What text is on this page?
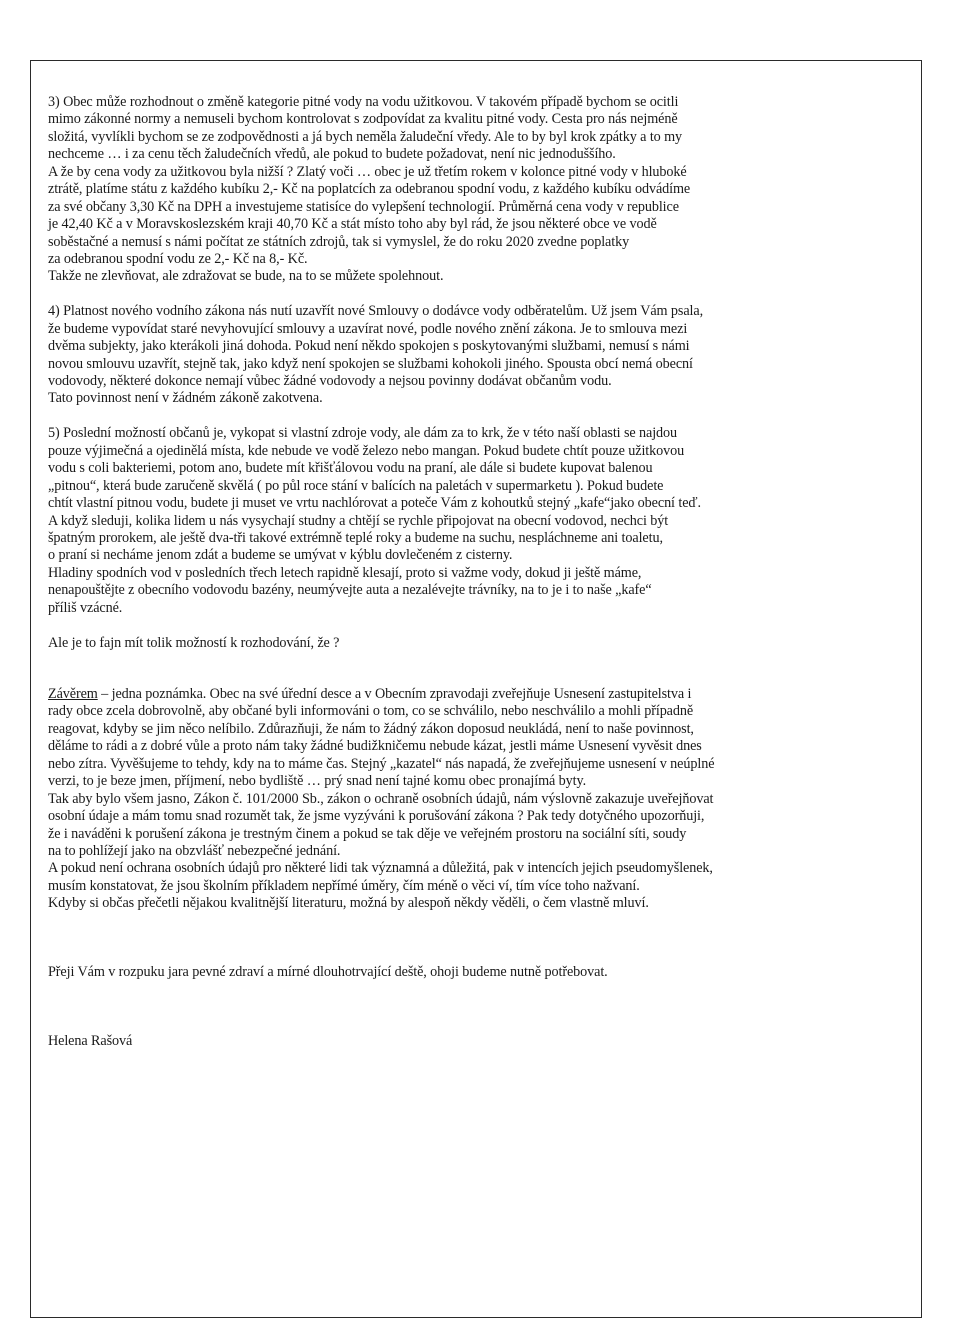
3) Obec může rozhodnout o změně kategorie pitné vody na vodu užitkovou. V takovém případě bychom se ocitli
mimo zákonné normy a nemuseli bychom kontrolovat s zodpovídat za kvalitu pitné vody. Cesta pro nás nejméně
složitá, vyvlíkli bychom se ze zodpovědnosti a já bych neměla žaludeční vředy. Ale to by byl krok zpátky a to my
nechceme … i za cenu těch žaludečních vředů, ale pokud to budete požadovat, není nic jednoduššího.
A že by cena vody za užitkovou byla nižší ? Zlatý voči … obec je už třetím rokem v kolonce pitné vody v hluboké
ztrátě, platíme státu z každého kubíku 2,- Kč na poplatcích za odebranou spodní vodu, z každého kubíku odvádíme
za své občany 3,30 Kč na DPH a investujeme statisíce do vylepšení technologií. Průměrná cena vody v republice
je 42,40 Kč a v Moravskoslezském kraji 40,70 Kč a stát místo toho aby byl rád, že jsou některé obce ve vodě
soběstačné a nemusí s námi počítat ze státních zdrojů, tak si vymyslel, že do roku 2020 zvedne poplatky
za odebranou spodní vodu ze 2,- Kč na 8,- Kč.
Takže ne zlevňovat, ale zdražovat se bude, na to se můžete spolehnout.
4) Platnost nového vodního zákona nás nutí uzavřít nové Smlouvy o dodávce vody odběratelům. Už jsem Vám psala,
že budeme vypovídat staré nevyhovující smlouvy a uzavírat nové, podle nového znění zákona. Je to smlouva mezi
dvěma subjekty, jako kterákoli jiná dohoda. Pokud není někdo spokojen s poskytovanými službami, nemusí s námi
novou smlouvu uzavřít, stejně tak, jako když není spokojen se službami kohokoli jiného. Spousta obcí nemá obecní
vodovody, některé dokonce nemají vůbec žádné vodovody a nejsou povinny dodávat občanům vodu.
Tato povinnost není v žádném zákoně zakotvena.
5) Poslední možností občanů je, vykopat si vlastní zdroje vody, ale dám za to krk, že v této naší oblasti se najdou
pouze výjimečná a ojedinělá místa, kde nebude ve vodě železo nebo mangan. Pokud budete chtít pouze užitkovou
vodu s coli bakteriemi, potom ano, budete mít křišťálovou vodu na praní, ale dále si budete kupovat balenou
„pitnou“, která bude zaručeně skvělá ( po půl roce stání v balících na paletách v supermarketu ). Pokud budete
chtít vlastní pitnou vodu, budete ji muset ve vrtu nachlórovat a poteče Vám z kohoutků stejný „kafe“jako obecní teď.
A když sleduji, kolika lidem u nás vysychají studny a chtějí se rychle připojovat na obecní vodovod, nechci být
špatným prorokem, ale ještě dva-tři takové extrémně teplé roky a budeme na suchu, nespláchneme ani toaletu,
o praní si necháme jenom zdát a budeme se umývat v kýblu dovlečeném z cisterny.
Hladiny spodních vod v posledních třech letech rapidně klesají, proto si važme vody, dokud ji ještě máme,
nenapouštějte z obecního vodovodu bazény, neumývejte auta a nezalévejte trávníky, na to je i to naše „kafe“
příliš vzácné.
Ale je to fajn mít tolik možností k rozhodování, že ?
Závěrem – jedna poznámka. Obec na své úřední desce a v Obecním zpravodaji zveřejňuje Usnesení zastupitelstva i
rady obce zcela dobrovolně, aby občané byli informováni o tom, co se schválilo, nebo neschválilo a mohli případně
reagovat, kdyby se jim něco nelíbilo. Zdůrazňuji, že nám to žádný zákon doposud neukládá, není to naše povinnost,
děláme to rádi a z dobré vůle a proto nám taky žádné budižkničemu nebude kázat, jestli máme Usnesení vyvěsit dnes
nebo zítra. Vyvěšujeme to tehdy, kdy na to máme čas. Stejný „kazatel“ nás napadá, že zveřejňujeme usnesení v neúplné
verzi, to je beze jmen, příjmení, nebo bydliště … prý snad není tajné komu obec pronajímá byty.
Tak aby bylo všem jasno, Zákon č. 101/2000 Sb., zákon o ochraně osobních údajů, nám výslovně zakazuje uveřejňovat
osobní údaje a mám tomu snad rozumět tak, že jsme vyzýváni k porušování zákona ? Pak tedy dotyčného upozorňuji,
že i naváděni k porušení zákona je trestným činem a pokud se tak děje ve veřejném prostoru na sociální síti, soudy
na to pohlížejí jako na obzvlášť nebezpečné jednání.
A pokud není ochrana osobních údajů pro některé lidi tak významná a důležitá, pak v intencích jejich pseudomyšlenek,
musím konstatovat, že jsou školním příkladem nepřímé úměry, čím méně o věci ví, tím více toho nažvaní.
Kdyby si občas přečetli nějakou kvalitnější literaturu, možná by alespoň někdy věděli, o čem vlastně mluví.
Přeji Vám v rozpuku jara pevné zdraví a mírné dlouhotrvající deště, ohoji budeme nutně potřebovat.
Helena Rašová
